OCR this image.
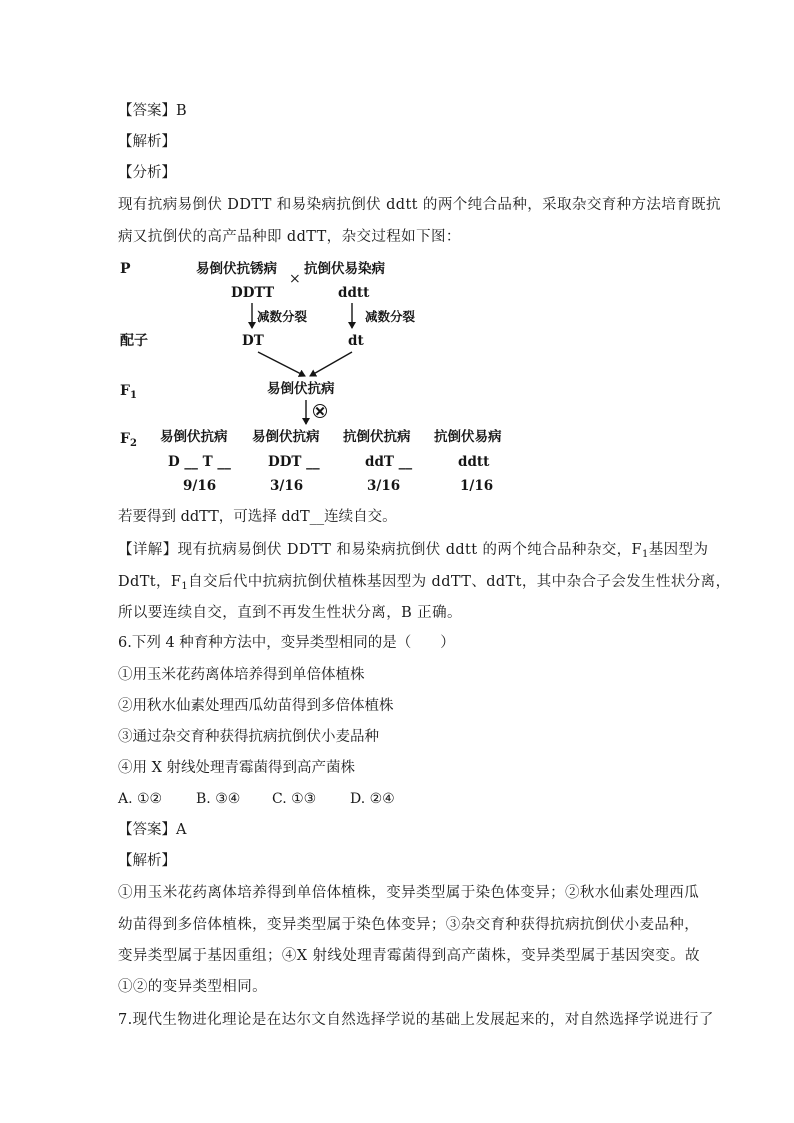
【答案】B
【解析】
【分析】
现有抗病易倒伏 DDTT 和易染病抗倒伏 ddtt 的两个纯合品种，采取杂交育种方法培育既抗
病又抗倒伏的高产品种即 ddTT，杂交过程如下图：
P
配子
$F_1$
$F_2$
易倒伏抗锈病
×
抗倒伏易染病
DDTT	ddtt
减数分裂	减数分裂
DT	dt
易倒伏抗病
易倒伏抗病 易倒伏抗病 抗倒伏抗病 抗倒伏易病
D __ T __	DDT __	ddT __	ddtt
9/16	3/16	3/16	1/16
若要得到 ddTT，可选择 ddT__连续自交。
【详解】现有抗病易倒伏 DDTT 和易染病抗倒伏 ddtt 的两个纯合品种杂交，$F_1$基因型为
DdTt，$F_1$自交后代中抗病抗倒伏植株基因型为 ddTT、ddTt，其中杂合子会发生性状分离，
所以要连续自交，直到不再发生性状分离，B 正确。
6.下列 4 种育种方法中，变异类型相同的是（　　）
①用玉米花药离体培养得到单倍体植株
②用秋水仙素处理西瓜幼苗得到多倍体植株
③通过杂交育种获得抗病抗倒伏小麦品种
④用 X 射线处理青霉菌得到高产菌株
A. ①② B. ③④ C. ①③ D. ②④
【答案】A
【解析】
①用玉米花药离体培养得到单倍体植株，变异类型属于染色体变异；②秋水仙素处理西瓜
幼苗得到多倍体植株，变异类型属于染色体变异；③杂交育种获得抗病抗倒伏小麦品种，
变异类型属于基因重组；④X 射线处理青霉菌得到高产菌株，变异类型属于基因突变。故
①②的变异类型相同。
7.现代生物进化理论是在达尔文自然选择学说的基础上发展起来的，对自然选择学说进行了
